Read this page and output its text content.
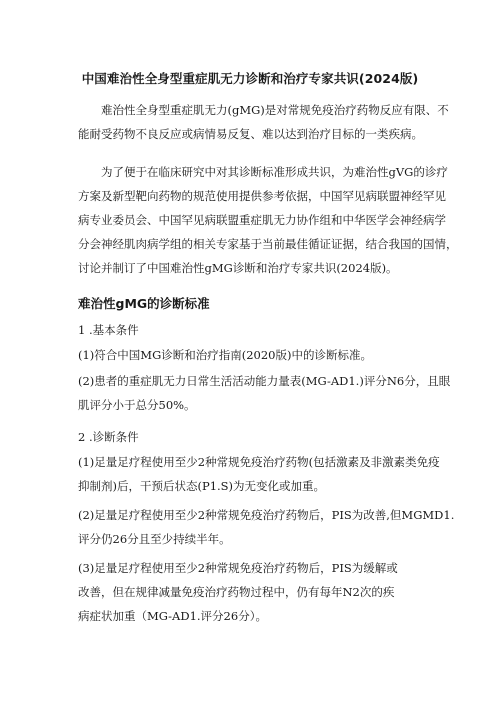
中国难治性全身型重症肌无力诊断和治疗专家共识(2024版)
难治性全身型重症肌无力(gMG)是对常规免疫治疗药物反应有限、不
能耐受药物不良反应或病情易反复、难以达到治疗目标的一类疾病。
为了便于在临床研究中对其诊断标准形成共识，为难治性gVG的诊疗
方案及新型靶向药物的规范使用提供参考依据，中国罕见病联盟神经罕见
病专业委员会、中国罕见病联盟重症肌无力协作组和中华医学会神经病学
分会神经肌肉病学组的相关专家基于当前最佳循证证据，结合我国的国情，
讨论并制订了中国难治性gMG诊断和治疗专家共识(2024版)。
难治性gMG的诊断标准
1 .基本条件
(1)符合中国MG诊断和治疗指南(2020版)中的诊断标准。
(2)患者的重症肌无力日常生活活动能力量表(MG-AD1.)评分N6分，且眼
肌评分小于总分50%。
2 .诊断条件
(1)足量足疗程使用至少2种常规免疫治疗药物(包括激素及非激素类免疫
抑制剂)后，干预后状态(P1.S)为无变化或加重。
(2)足量足疗程使用至少2种常规免疫治疗药物后，PIS为改善,但MGMD1.
评分仍26分且至少持续半年。
(3)足量足疗程使用至少2种常规免疫治疗药物后，PIS为缓解或
改善，但在规律减量免疫治疗药物过程中，仍有每年N2次的疾
病症状加重（MG-AD1.评分26分）。
